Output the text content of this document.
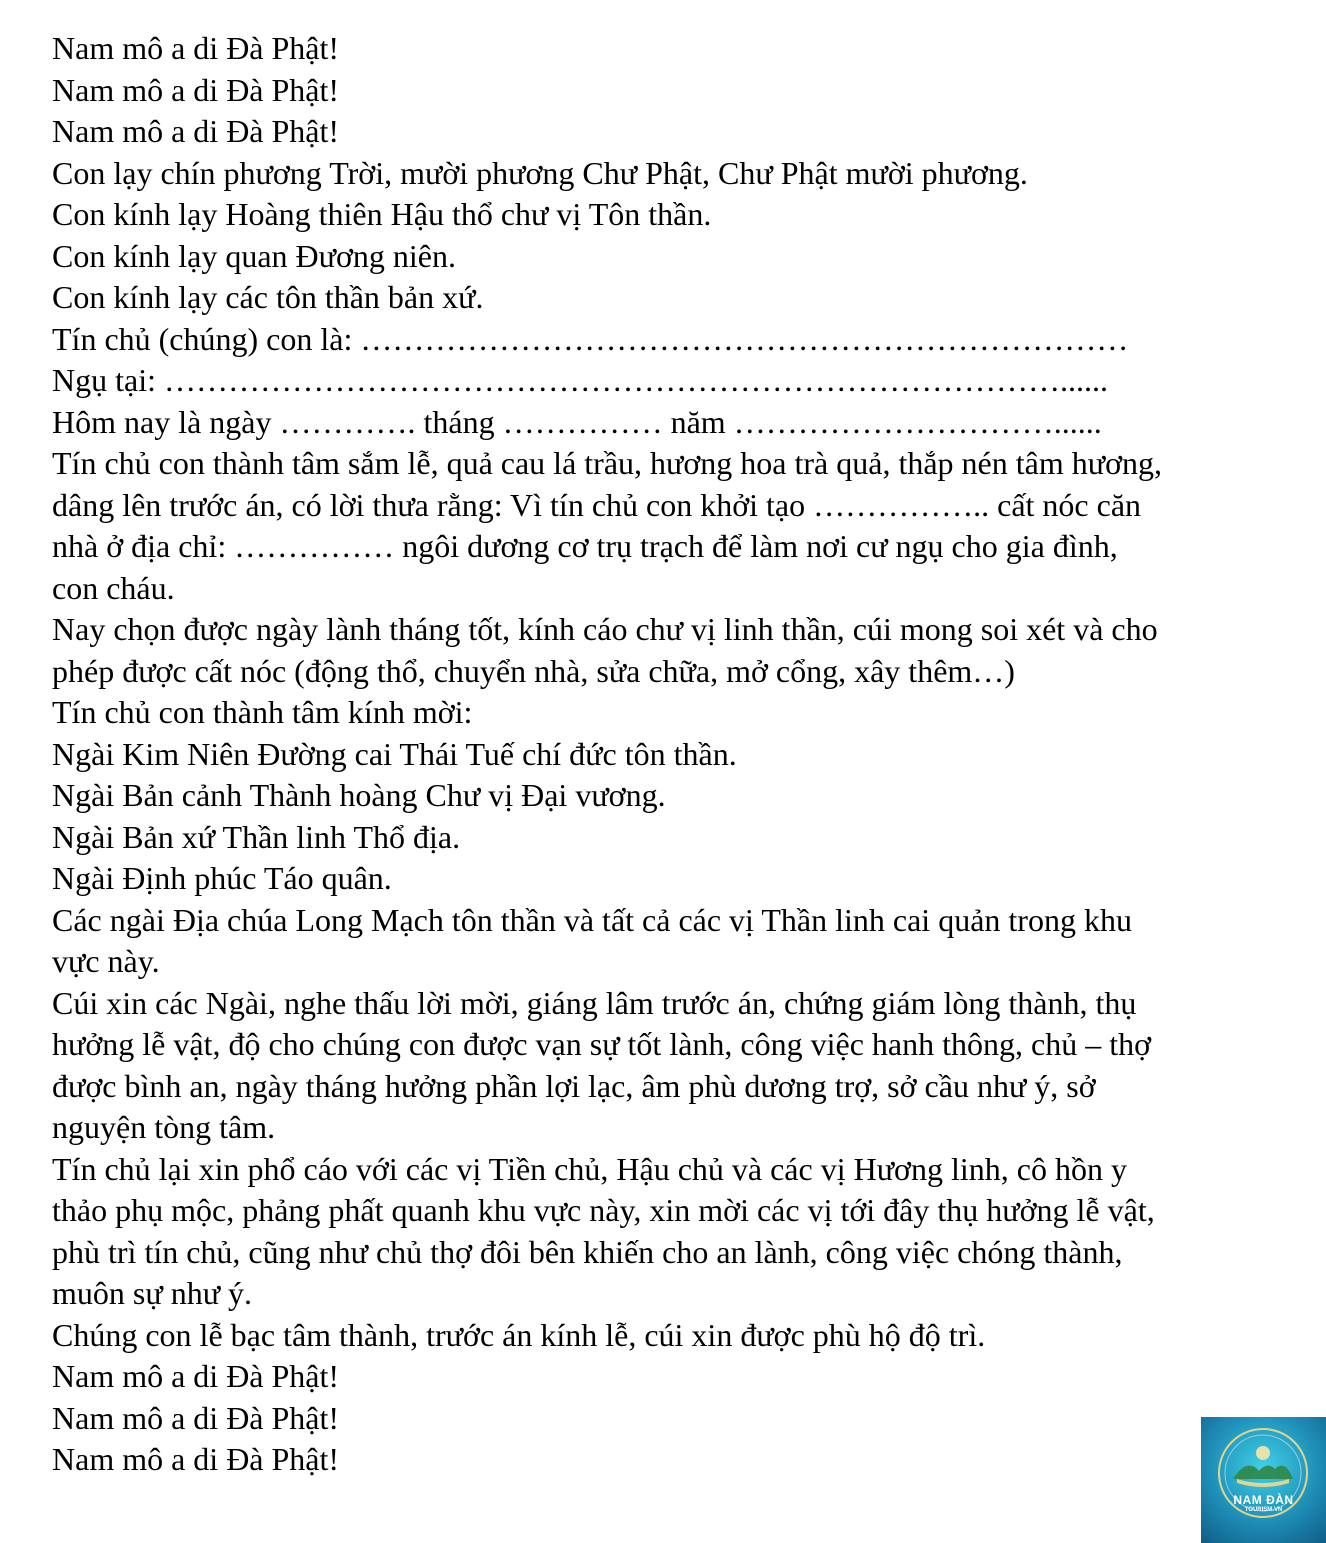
Nam mô a di Đà Phật!
Nam mô a di Đà Phật!
Nam mô a di Đà Phật!
Con lạy chín phương Trời, mười phương Chư Phật, Chư Phật mười phương.
Con kính lạy Hoàng thiên Hậu thổ chư vị Tôn thần.
Con kính lạy quan Đương niên.
Con kính lạy các tôn thần bản xứ.
Tín chủ (chúng) con là: ………………………………………………………………
Ngụ tại: …………………………………………………………………………......
Hôm nay là ngày …………. tháng …………… năm …………………………......
Tín chủ con thành tâm sắm lễ, quả cau lá trầu, hương hoa trà quả, thắp nén tâm hương,
dâng lên trước án, có lời thưa rằng: Vì tín chủ con khởi tạo …………….. cất nóc căn
nhà ở địa chỉ: …………… ngôi dương cơ trụ trạch để làm nơi cư ngụ cho gia đình,
con cháu.
Nay chọn được ngày lành tháng tốt, kính cáo chư vị linh thần, cúi mong soi xét và cho
phép được cất nóc (động thổ, chuyển nhà, sửa chữa, mở cổng, xây thêm…)
Tín chủ con thành tâm kính mời:
Ngài Kim Niên Đường cai Thái Tuế chí đức tôn thần.
Ngài Bản cảnh Thành hoàng Chư vị Đại vương.
Ngài Bản xứ Thần linh Thổ địa.
Ngài Định phúc Táo quân.
Các ngài Địa chúa Long Mạch tôn thần và tất cả các vị Thần linh cai quản trong khu
vực này.
Cúi xin các Ngài, nghe thấu lời mời, giáng lâm trước án, chứng giám lòng thành, thụ
hưởng lễ vật, độ cho chúng con được vạn sự tốt lành, công việc hanh thông, chủ – thợ
được bình an, ngày tháng hưởng phần lợi lạc, âm phù dương trợ, sở cầu như ý, sở
nguyện tòng tâm.
Tín chủ lại xin phổ cáo với các vị Tiền chủ, Hậu chủ và các vị Hương linh, cô hồn y
thảo phụ mộc, phảng phất quanh khu vực này, xin mời các vị tới đây thụ hưởng lễ vật,
phù trì tín chủ, cũng như chủ thợ đôi bên khiến cho an lành, công việc chóng thành,
muôn sự như ý.
Chúng con lễ bạc tâm thành, trước án kính lễ, cúi xin được phù hộ độ trì.
Nam mô a di Đà Phật!
Nam mô a di Đà Phật!
Nam mô a di Đà Phật!
NAM ĐÀN
TOURISM.VN
